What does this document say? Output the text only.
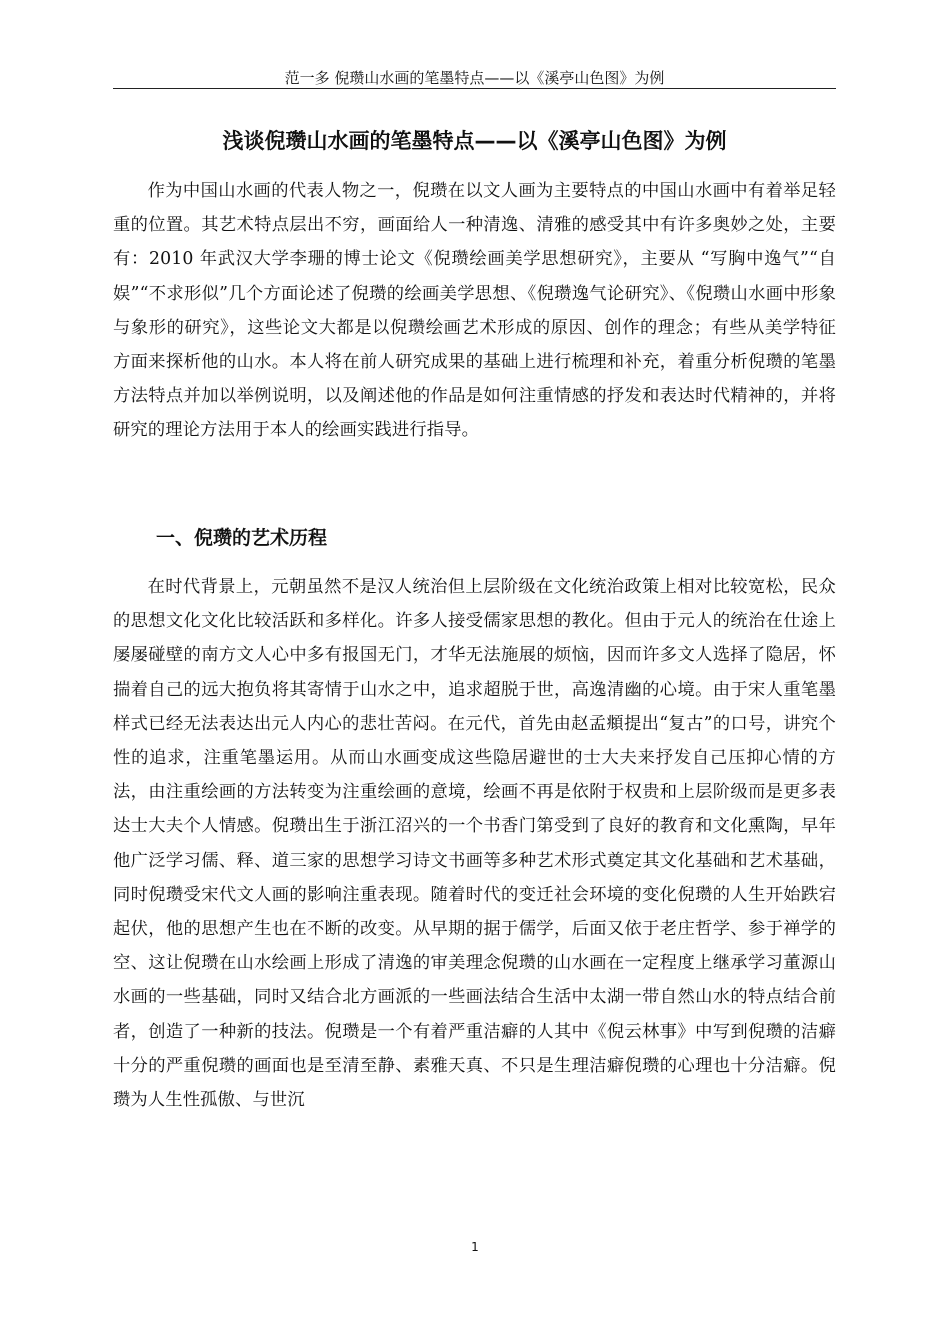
范一多 倪瓒山水画的笔墨特点——以《溪亭山色图》为例
浅谈倪瓒山水画的笔墨特点——以《溪亭山色图》为例

作为中国山水画的代表人物之一，倪瓒在以文人画为主要特点的中国山水画中有着举足轻重的位置。其艺术特点层出不穷，画面给人一种清逸、清雅的感受其中有许多奥妙之处，主要有：2010 年武汉大学李珊的博士论文《倪瓒绘画美学思想研究》，主要从 “写胸中逸气”“自娱”“不求形似”几个方面论述了倪瓒的绘画美学思想、《倪瓒逸气论研究》、《倪瓒山水画中形象与象形的研究》，这些论文大都是以倪瓒绘画艺术形成的原因、创作的理念；有些从美学特征方面来探析他的山水。本人将在前人研究成果的基础上进行梳理和补充，着重分析倪瓒的笔墨方法特点并加以举例说明，以及阐述他的作品是如何注重情感的抒发和表达时代精神的，并将研究的理论方法用于本人的绘画实践进行指导。

一、倪瓒的艺术历程

在时代背景上，元朝虽然不是汉人统治但上层阶级在文化统治政策上相对比较宽松，民众的思想文化文化比较活跃和多样化。许多人接受儒家思想的教化。但由于元人的统治在仕途上屡屡碰壁的南方文人心中多有报国无门，才华无法施展的烦恼，因而许多文人选择了隐居，怀揣着自己的远大抱负将其寄情于山水之中，追求超脱于世，高逸清幽的心境。由于宋人重笔墨样式已经无法表达出元人内心的悲壮苦闷。在元代，首先由赵孟頫提出“复古”的口号，讲究个性的追求，注重笔墨运用。从而山水画变成这些隐居避世的士大夫来抒发自己压抑心情的方法，由注重绘画的方法转变为注重绘画的意境，绘画不再是依附于权贵和上层阶级而是更多表达士大夫个人情感。倪瓒出生于浙江沼兴的一个书香门第受到了良好的教育和文化熏陶，早年他广泛学习儒、释、道三家的思想学习诗文书画等多种艺术形式奠定其文化基础和艺术基础，同时倪瓒受宋代文人画的影响注重表现。随着时代的变迁社会环境的变化倪瓒的人生开始跌宕起伏，他的思想产生也在不断的改变。从早期的据于儒学，后面又依于老庄哲学、参于禅学的空、这让倪瓒在山水绘画上形成了清逸的审美理念倪瓒的山水画在一定程度上继承学习董源山水画的一些基础，同时又结合北方画派的一些画法结合生活中太湖一带自然山水的特点结合前者，创造了一种新的技法。倪瓒是一个有着严重洁癖的人其中《倪云林事》中写到倪瓒的洁癖十分的严重倪瓒的画面也是至清至静、素雅天真、不只是生理洁癖倪瓒的心理也十分洁癖。倪瓒为人生性孤傲、与世沉

1
